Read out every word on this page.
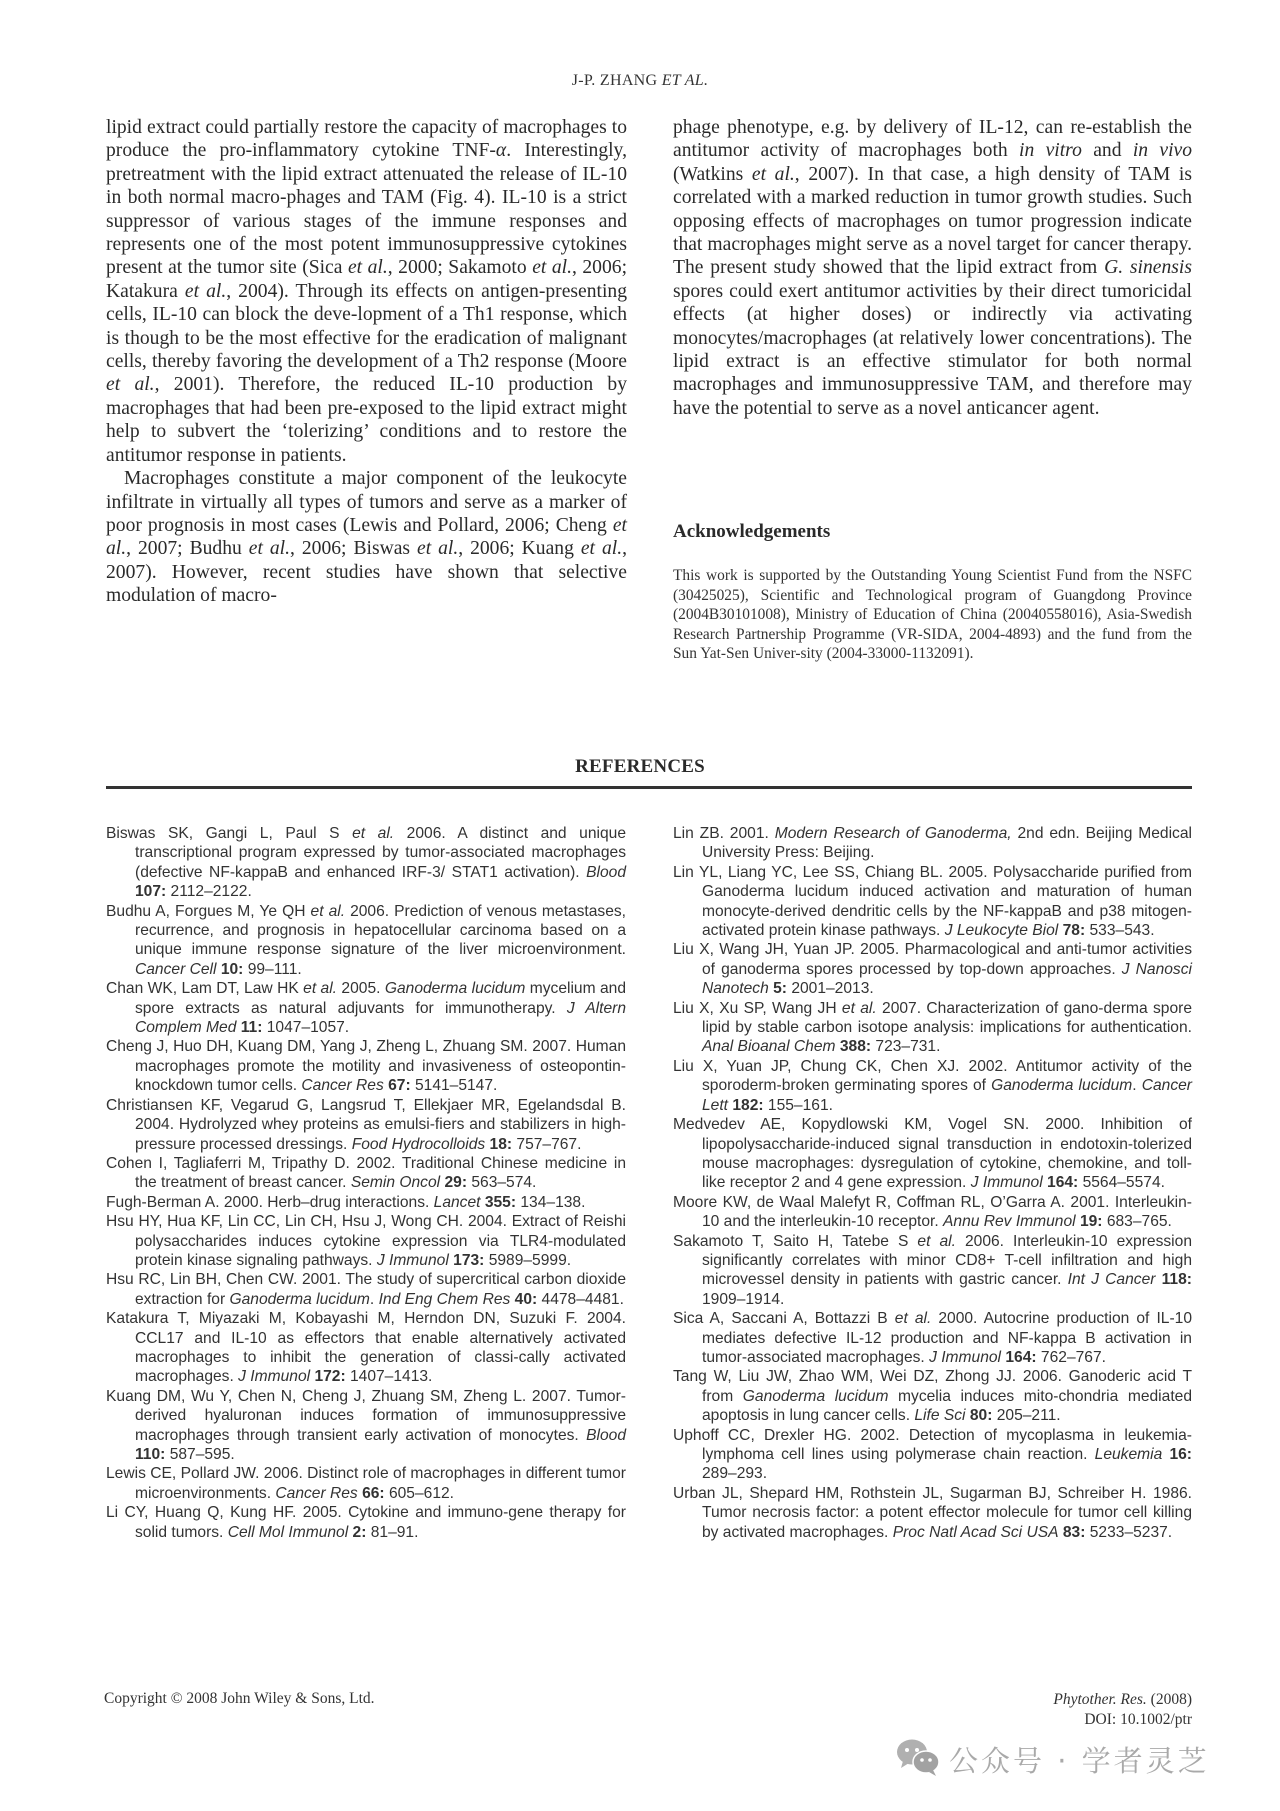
J-P. ZHANG ET AL.

lipid extract could partially restore the capacity of macrophages to produce the pro-inflammatory cytokine TNF-α. Interestingly, pretreatment with the lipid extract attenuated the release of IL-10 in both normal macro-phages and TAM (Fig. 4). IL-10 is a strict suppressor of various stages of the immune responses and represents one of the most potent immunosuppressive cytokines present at the tumor site (Sica et al., 2000; Sakamoto et al., 2006; Katakura et al., 2004). Through its effects on antigen-presenting cells, IL-10 can block the deve-lopment of a Th1 response, which is though to be the most effective for the eradication of malignant cells, thereby favoring the development of a Th2 response (Moore et al., 2001). Therefore, the reduced IL-10 production by macrophages that had been pre-exposed to the lipid extract might help to subvert the ‘tolerizing’ conditions and to restore the antitumor response in patients.

Macrophages constitute a major component of the leukocyte infiltrate in virtually all types of tumors and serve as a marker of poor prognosis in most cases (Lewis and Pollard, 2006; Cheng et al., 2007; Budhu et al., 2006; Biswas et al., 2006; Kuang et al., 2007). However, recent studies have shown that selective modulation of macro-

phage phenotype, e.g. by delivery of IL-12, can re-establish the antitumor activity of macrophages both in vitro and in vivo (Watkins et al., 2007). In that case, a high density of TAM is correlated with a marked reduction in tumor growth studies. Such opposing effects of macrophages on tumor progression indicate that macrophages might serve as a novel target for cancer therapy. The present study showed that the lipid extract from G. sinensis spores could exert antitumor activities by their direct tumoricidal effects (at higher doses) or indirectly via activating monocytes/macrophages (at relatively lower concentrations). The lipid extract is an effective stimulator for both normal macrophages and immunosuppressive TAM, and therefore may have the potential to serve as a novel anticancer agent.

Acknowledgements

This work is supported by the Outstanding Young Scientist Fund from the NSFC (30425025), Scientific and Technological program of Guangdong Province (2004B30101008), Ministry of Education of China (20040558016), Asia-Swedish Research Partnership Programme (VR-SIDA, 2004-4893) and the fund from the Sun Yat-Sen Univer-sity (2004-33000-1132091).

REFERENCES

Biswas SK, Gangi L, Paul S et al. 2006. A distinct and unique transcriptional program expressed by tumor-associated macrophages (defective NF-kappaB and enhanced IRF-3/ STAT1 activation). Blood 107: 2112–2122.

Budhu A, Forgues M, Ye QH et al. 2006. Prediction of venous metastases, recurrence, and prognosis in hepatocellular carcinoma based on a unique immune response signature of the liver microenvironment. Cancer Cell 10: 99–111.

Chan WK, Lam DT, Law HK et al. 2005. Ganoderma lucidum mycelium and spore extracts as natural adjuvants for immunotherapy. J Altern Complem Med 11: 1047–1057.

Cheng J, Huo DH, Kuang DM, Yang J, Zheng L, Zhuang SM. 2007. Human macrophages promote the motility and invasiveness of osteopontin-knockdown tumor cells. Cancer Res 67: 5141–5147.

Christiansen KF, Vegarud G, Langsrud T, Ellekjaer MR, Egelandsdal B. 2004. Hydrolyzed whey proteins as emulsi-fiers and stabilizers in high-pressure processed dressings. Food Hydrocolloids 18: 757–767.

Cohen I, Tagliaferri M, Tripathy D. 2002. Traditional Chinese medicine in the treatment of breast cancer. Semin Oncol 29: 563–574.

Fugh-Berman A. 2000. Herb–drug interactions. Lancet 355: 134–138.

Hsu HY, Hua KF, Lin CC, Lin CH, Hsu J, Wong CH. 2004. Extract of Reishi polysaccharides induces cytokine expression via TLR4-modulated protein kinase signaling pathways. J Immunol 173: 5989–5999.

Hsu RC, Lin BH, Chen CW. 2001. The study of supercritical carbon dioxide extraction for Ganoderma lucidum. Ind Eng Chem Res 40: 4478–4481.

Katakura T, Miyazaki M, Kobayashi M, Herndon DN, Suzuki F. 2004. CCL17 and IL-10 as effectors that enable alternatively activated macrophages to inhibit the generation of classi-cally activated macrophages. J Immunol 172: 1407–1413.

Kuang DM, Wu Y, Chen N, Cheng J, Zhuang SM, Zheng L. 2007. Tumor-derived hyaluronan induces formation of immunosuppressive macrophages through transient early activation of monocytes. Blood 110: 587–595.

Lewis CE, Pollard JW. 2006. Distinct role of macrophages in different tumor microenvironments. Cancer Res 66: 605–612.

Li CY, Huang Q, Kung HF. 2005. Cytokine and immuno-gene therapy for solid tumors. Cell Mol Immunol 2: 81–91.

Lin ZB. 2001. Modern Research of Ganoderma, 2nd edn. Beijing Medical University Press: Beijing.

Lin YL, Liang YC, Lee SS, Chiang BL. 2005. Polysaccharide purified from Ganoderma lucidum induced activation and maturation of human monocyte-derived dendritic cells by the NF-kappaB and p38 mitogen-activated protein kinase pathways. J Leukocyte Biol 78: 533–543.

Liu X, Wang JH, Yuan JP. 2005. Pharmacological and anti-tumor activities of ganoderma spores processed by top-down approaches. J Nanosci Nanotech 5: 2001–2013.

Liu X, Xu SP, Wang JH et al. 2007. Characterization of gano-derma spore lipid by stable carbon isotope analysis: implications for authentication. Anal Bioanal Chem 388: 723–731.

Liu X, Yuan JP, Chung CK, Chen XJ. 2002. Antitumor activity of the sporoderm-broken germinating spores of Ganoderma lucidum. Cancer Lett 182: 155–161.

Medvedev AE, Kopydlowski KM, Vogel SN. 2000. Inhibition of lipopolysaccharide-induced signal transduction in endotoxin-tolerized mouse macrophages: dysregulation of cytokine, chemokine, and toll-like receptor 2 and 4 gene expression. J Immunol 164: 5564–5574.

Moore KW, de Waal Malefyt R, Coffman RL, O’Garra A. 2001. Interleukin-10 and the interleukin-10 receptor. Annu Rev Immunol 19: 683–765.

Sakamoto T, Saito H, Tatebe S et al. 2006. Interleukin-10 expression significantly correlates with minor CD8+ T-cell infiltration and high microvessel density in patients with gastric cancer. Int J Cancer 118: 1909–1914.

Sica A, Saccani A, Bottazzi B et al. 2000. Autocrine production of IL-10 mediates defective IL-12 production and NF-kappa B activation in tumor-associated macrophages. J Immunol 164: 762–767.

Tang W, Liu JW, Zhao WM, Wei DZ, Zhong JJ. 2006. Ganoderic acid T from Ganoderma lucidum mycelia induces mito-chondria mediated apoptosis in lung cancer cells. Life Sci 80: 205–211.

Uphoff CC, Drexler HG. 2002. Detection of mycoplasma in leukemia-lymphoma cell lines using polymerase chain reaction. Leukemia 16: 289–293.

Urban JL, Shepard HM, Rothstein JL, Sugarman BJ, Schreiber H. 1986. Tumor necrosis factor: a potent effector molecule for tumor cell killing by activated macrophages. Proc Natl Acad Sci USA 83: 5233–5237.

Copyright © 2008 John Wiley & Sons, Ltd.	Phytother. Res. (2008)
DOI: 10.1002/ptr
公众号 · 学者灵芝
